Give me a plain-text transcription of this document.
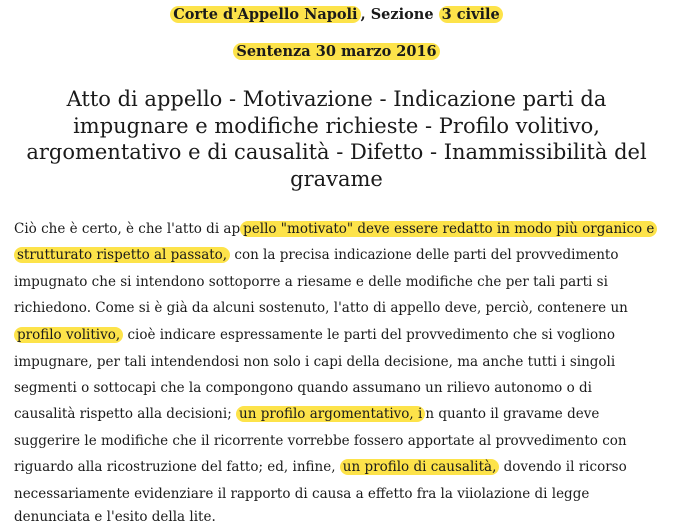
Corte d'Appello Napoli , Sezione 3 civile
Sentenza 30 marzo 2016
Atto di appello - Motivazione - Indicazione parti da impugnare e modifiche richieste - Profilo volitivo, argomentativo e di causalità - Difetto - Inammissibilità del gravame
Ciò che è certo, è che l'atto di ap pello "motivato" deve essere redatto in modo più organico e
strutturato rispetto al passato, con la precisa indicazione delle parti del provvedimento
impugnato che si intendono sottoporre a riesame e delle modifiche che per tali parti si
richiedono. Come si è già da alcuni sostenuto, l'atto di appello deve, perciò, contenere un
profilo volitivo, cioè indicare espressamente le parti del provvedimento che si vogliono
impugnare, per tali intendendosi non solo i capi della decisione, ma anche tutti i singoli
segmenti o sottocapi che la compongono quando assumano un rilievo autonomo o di
causalità rispetto alla decisioni; un profilo argomentativo, i n quanto il gravame deve
suggerire le modifiche che il ricorrente vorrebbe fossero apportate al provvedimento con
riguardo alla ricostruzione del fatto; ed, infine, un profilo di causalità, dovendo il ricorso
necessariamente evidenziare il rapporto di causa a effetto fra la viiolazione di legge
denunciata e l'esito della lite.
